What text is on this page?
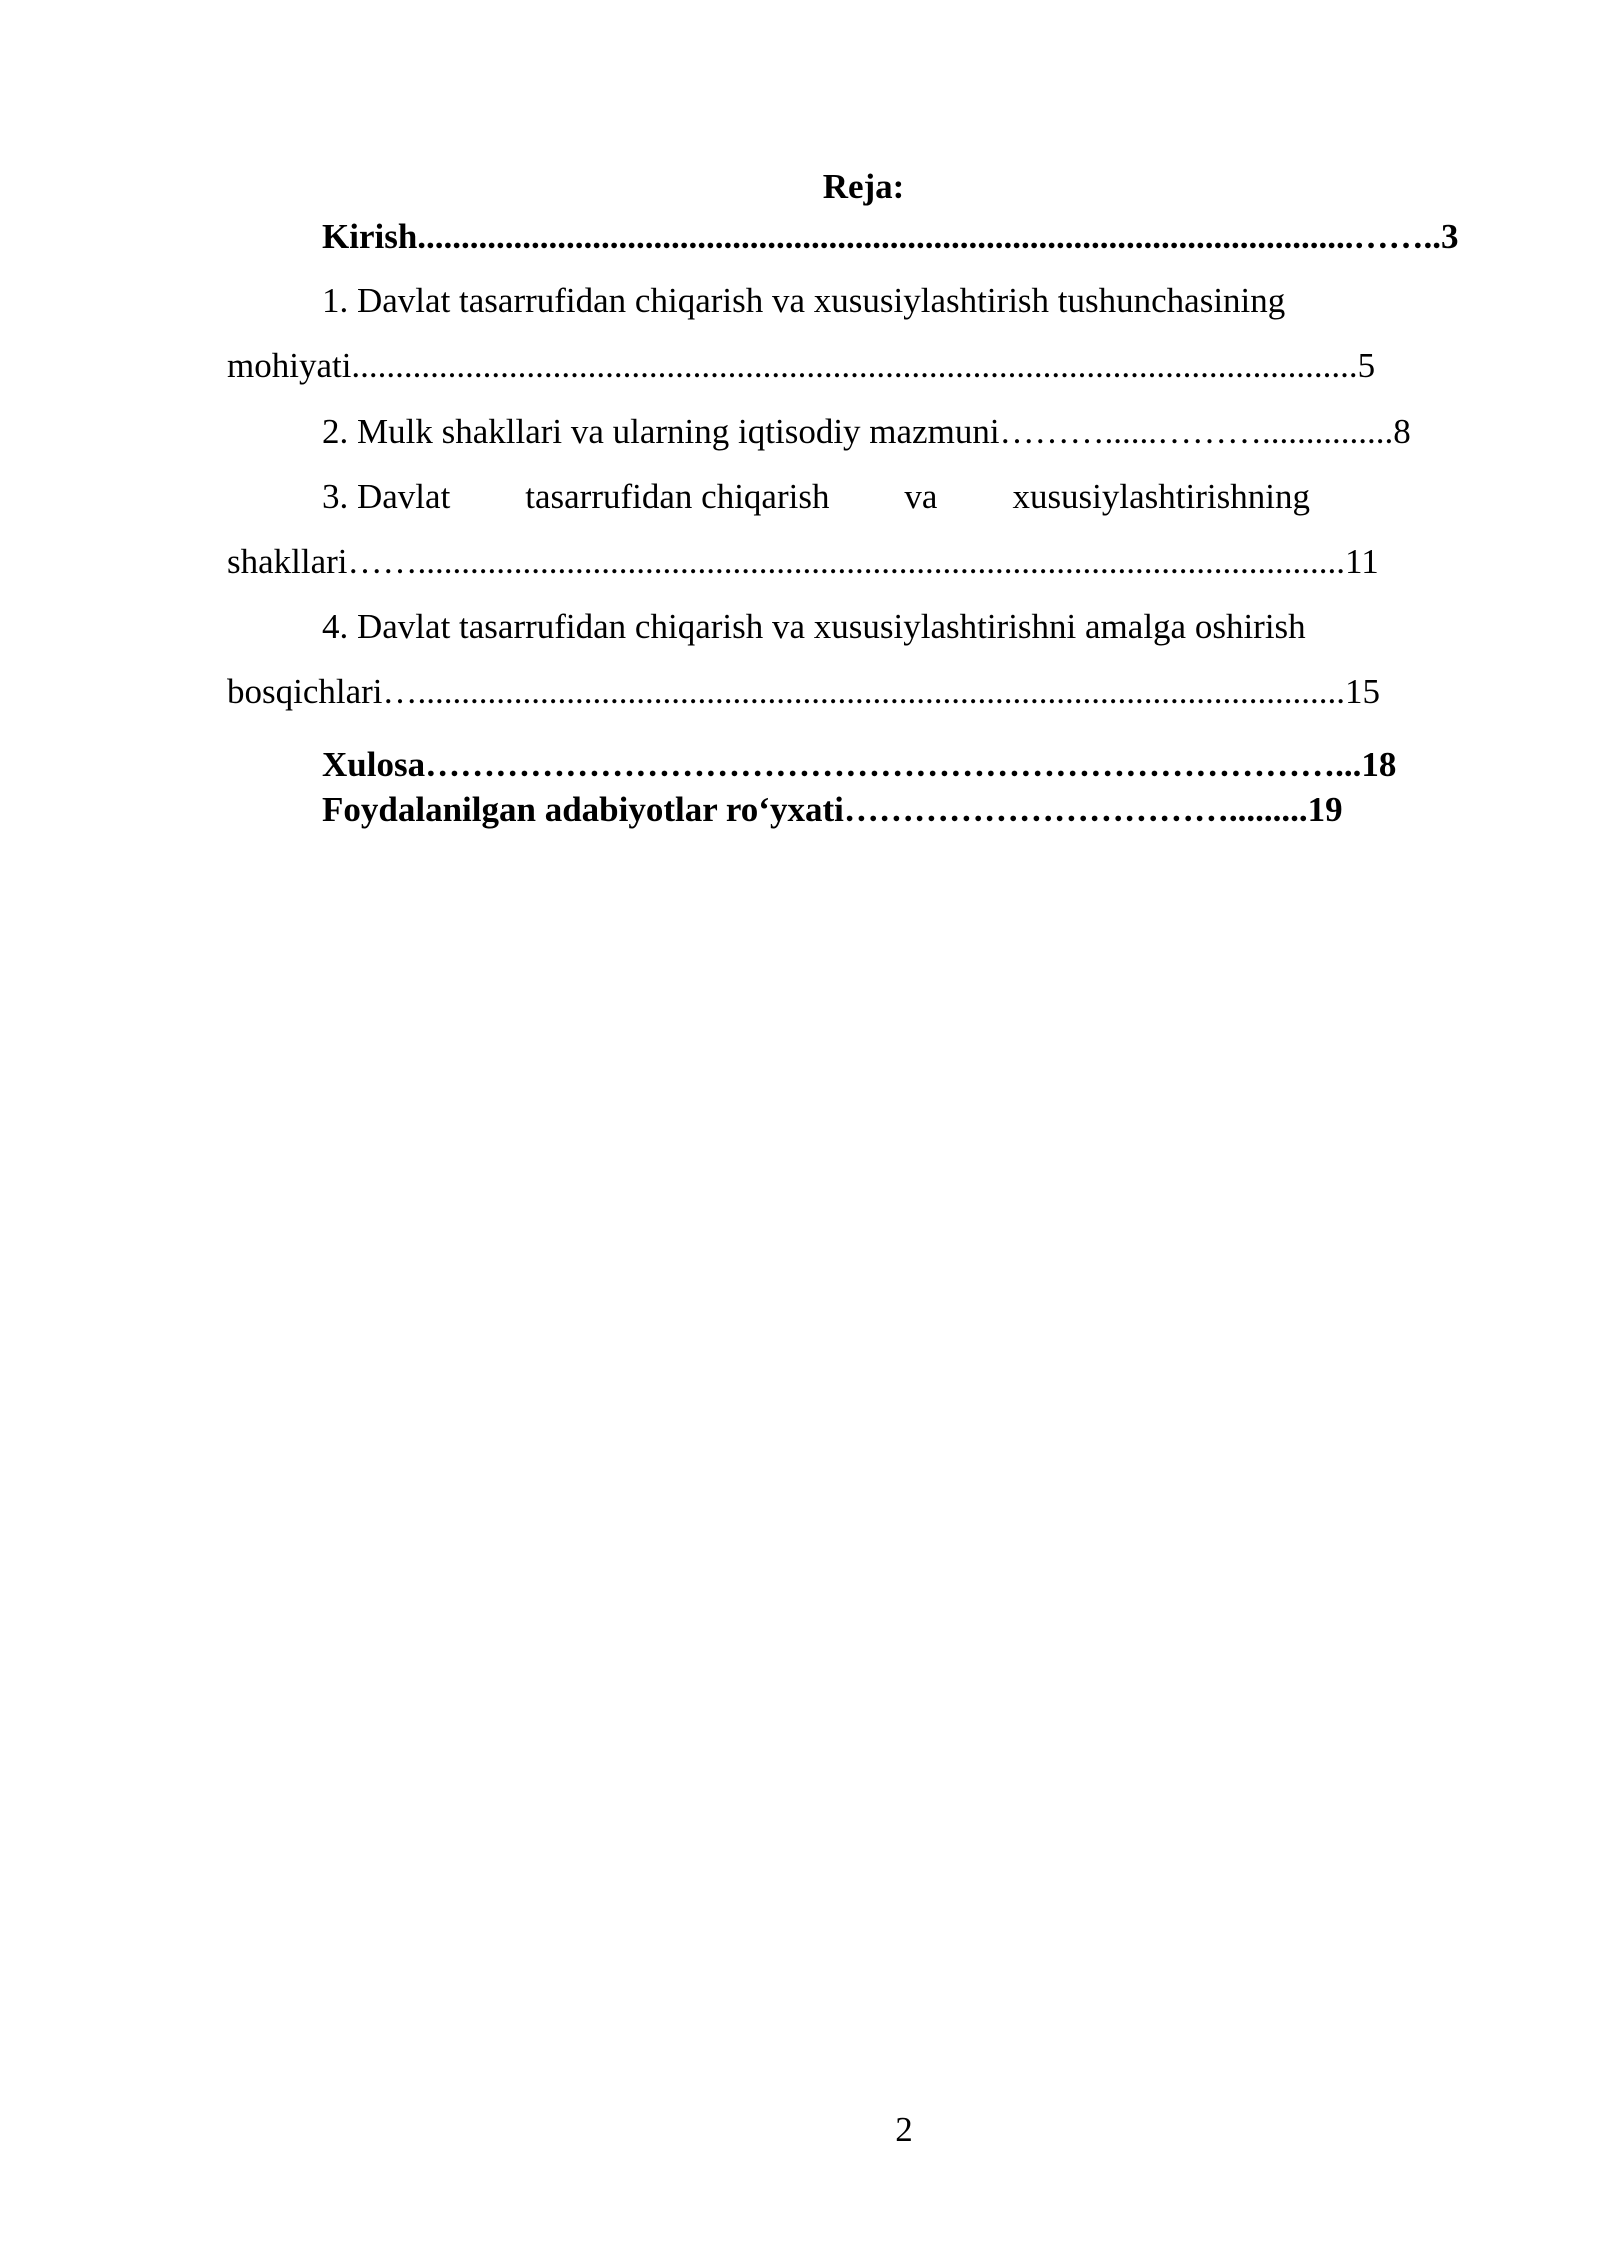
Reja:
Kirish...........................................................................................................……..3
1. Davlat tasarrufidan chiqarish va xususiylashtirish tushunchasining
mohiyati...................................................................................................................5
2. Mulk shakllari va ularning iqtisodiy mazmuni………......………...............8
3. Davlat tasarrufidan chiqarish va xususiylashtirishning
shakllari……..........................................................................................................11
4. Davlat tasarrufidan chiqarish va xususiylashtirishni amalga oshirish
bosqichlari…..........................................................................................................15
Xulosa……………………………………………………………………...18
Foydalanilgan adabiyotlar ro‘yxati…………………………….........19
2
